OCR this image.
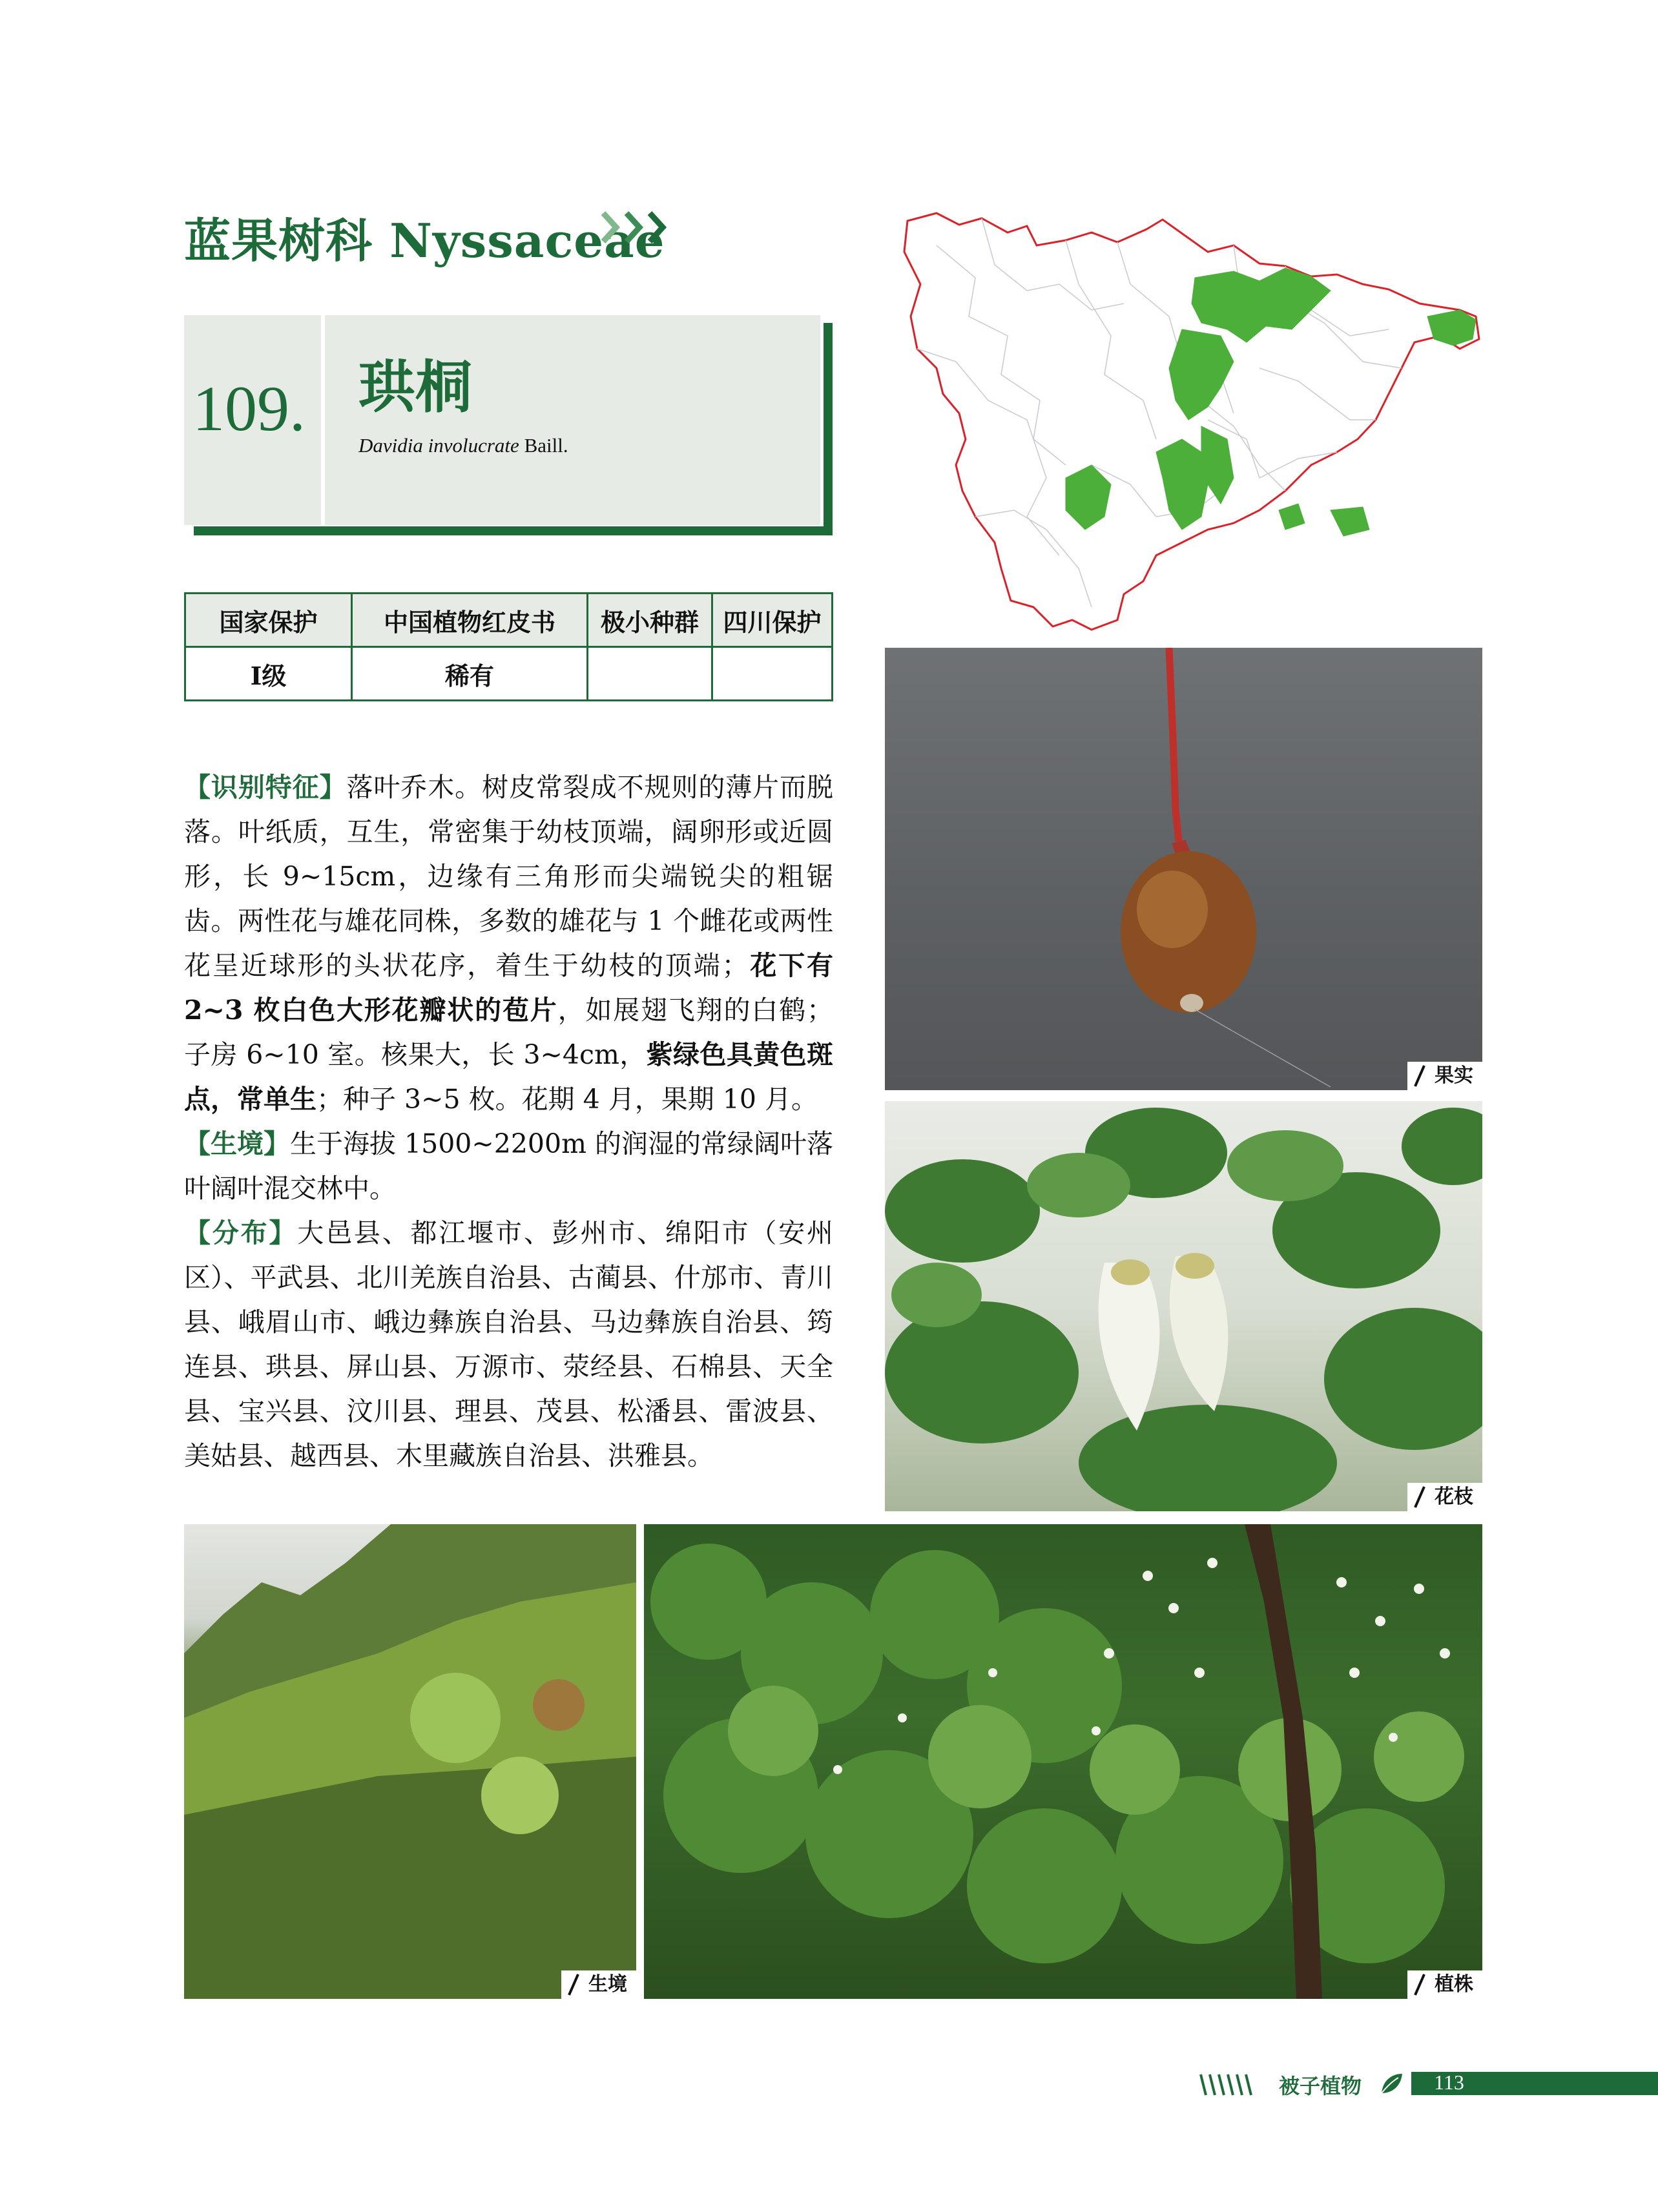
蓝果树科 Nyssaceae
109. 珙桐
Davidia involucrate Baill.
国家保护	中国植物红皮书	极小种群	四川保护
Ⅰ级	稀有		

【识别特征】落叶乔木。树皮常裂成不规则的薄片而脱落。叶纸质，互生，常密集于幼枝顶端，阔卵形或近圆形，长 9~15cm，边缘有三角形而尖端锐尖的粗锯齿。两性花与雄花同株，多数的雄花与 1 个雌花或两性花呈近球形的头状花序，着生于幼枝的顶端；花下有 2~3 枚白色大形花瓣状的苞片，如展翅飞翔的白鹤；子房 6~10 室。核果大，长 3~4cm，紫绿色具黄色斑点，常单生；种子 3~5 枚。花期 4 月，果期 10 月。

【生境】生于海拔 1500~2200m 的润湿的常绿阔叶落叶阔叶混交林中。

【分布】大邑县、都江堰市、彭州市、绵阳市（安州区）、平武县、北川羌族自治县、古蔺县、什邡市、青川县、峨眉山市、峨边彝族自治县、马边彝族自治县、筠连县、珙县、屏山县、万源市、荥经县、石棉县、天全县、宝兴县、汶川县、理县、茂县、松潘县、雷波县、美姑县、越西县、木里藏族自治县、洪雅县。

果实
花枝
生境	植株
被子植物	113
